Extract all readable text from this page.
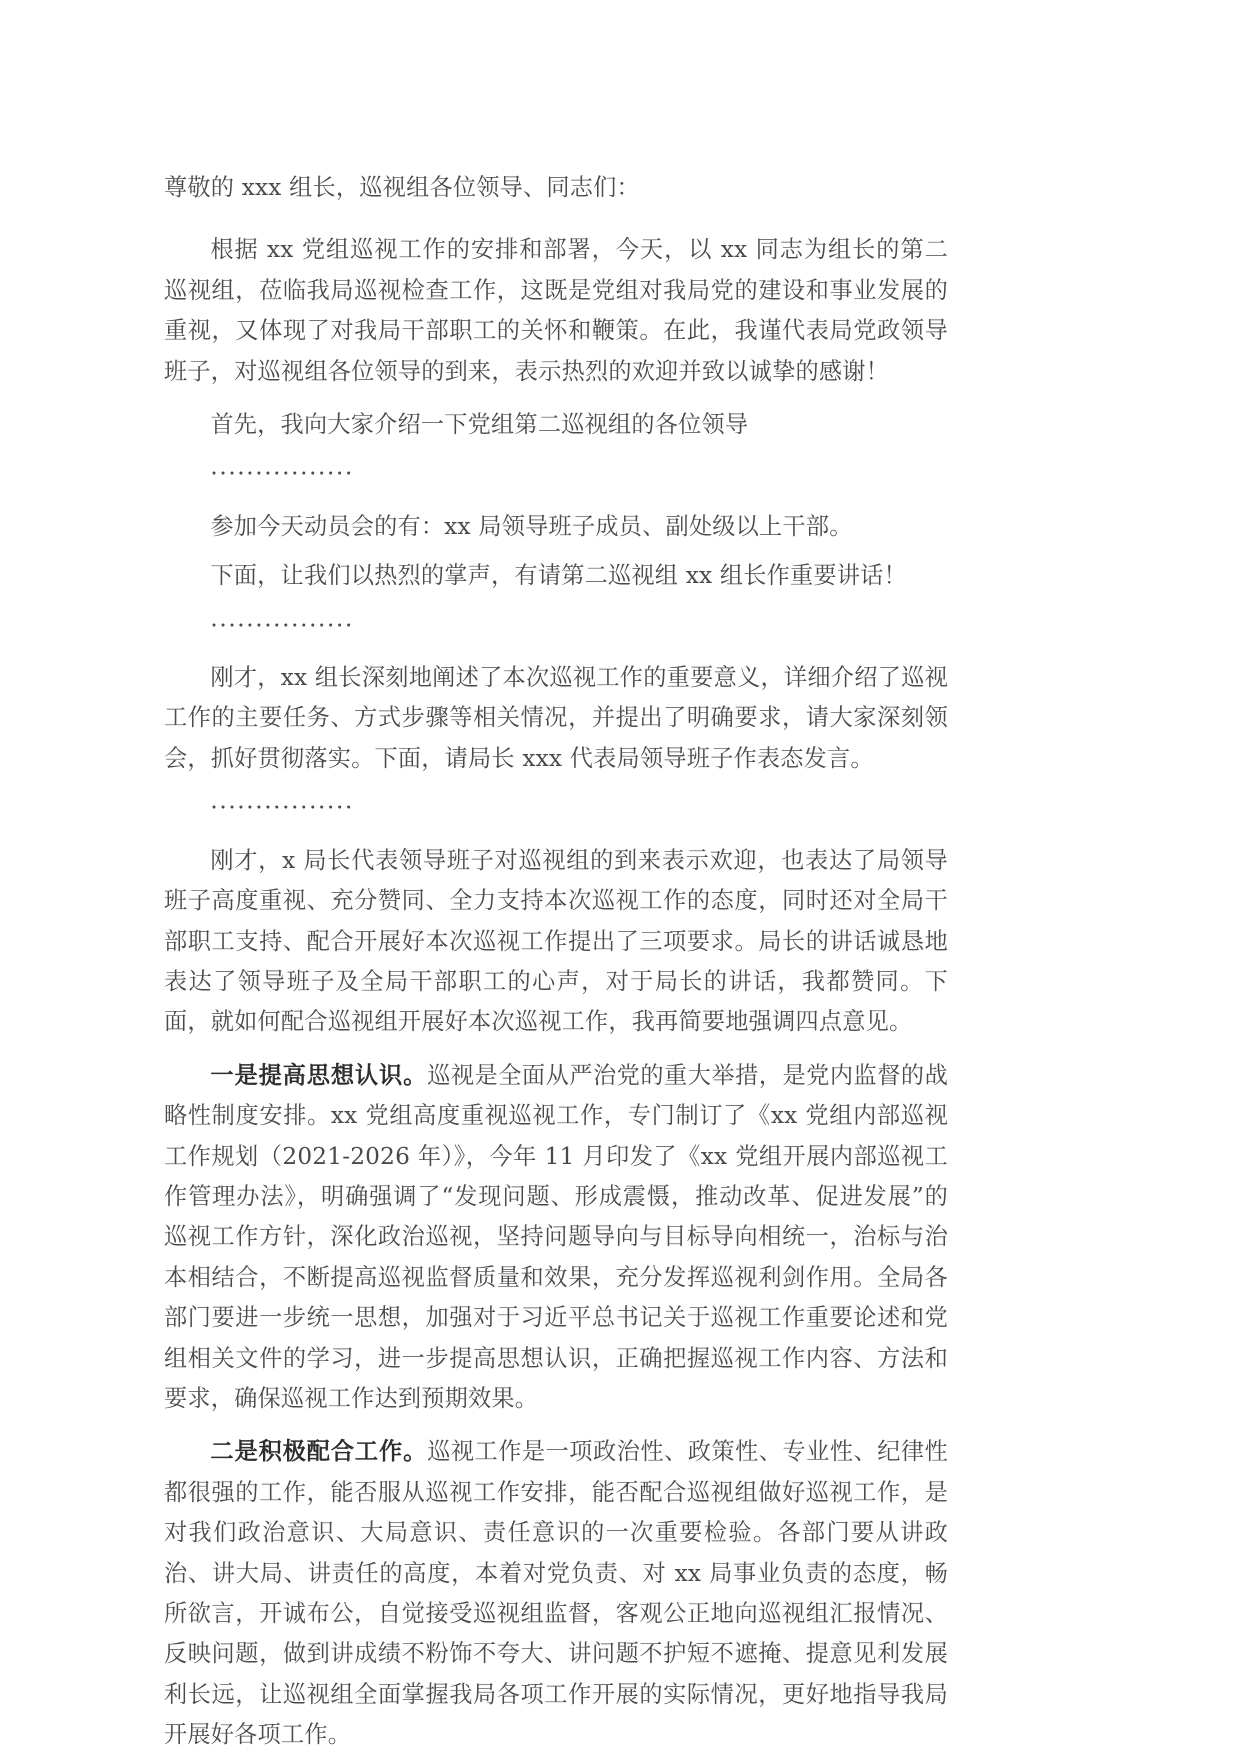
尊敬的 xxx 组长，巡视组各位领导、同志们：

根据 xx 党组巡视工作的安排和部署，今天，以 xx 同志为组长的第二巡视组，莅临我局巡视检查工作，这既是党组对我局党的建设和事业发展的重视，又体现了对我局干部职工的关怀和鞭策。在此，我谨代表局党政领导班子，对巡视组各位领导的到来，表示热烈的欢迎并致以诚挚的感谢！

首先，我向大家介绍一下党组第二巡视组的各位领导

················

参加今天动员会的有：xx 局领导班子成员、副处级以上干部。

下面，让我们以热烈的掌声，有请第二巡视组 xx 组长作重要讲话！

················

刚才，xx 组长深刻地阐述了本次巡视工作的重要意义，详细介绍了巡视工作的主要任务、方式步骤等相关情况，并提出了明确要求，请大家深刻领会，抓好贯彻落实。下面，请局长 xxx 代表局领导班子作表态发言。

················

刚才，x 局长代表领导班子对巡视组的到来表示欢迎，也表达了局领导班子高度重视、充分赞同、全力支持本次巡视工作的态度，同时还对全局干部职工支持、配合开展好本次巡视工作提出了三项要求。局长的讲话诚恳地表达了领导班子及全局干部职工的心声，对于局长的讲话，我都赞同。下面，就如何配合巡视组开展好本次巡视工作，我再简要地强调四点意见。

一是提高思想认识。巡视是全面从严治党的重大举措，是党内监督的战略性制度安排。xx 党组高度重视巡视工作，专门制订了《xx 党组内部巡视工作规划（2021-2026 年）》，今年 11 月印发了《xx 党组开展内部巡视工作管理办法》，明确强调了“发现问题、形成震慑，推动改革、促进发展”的巡视工作方针，深化政治巡视，坚持问题导向与目标导向相统一，治标与治本相结合，不断提高巡视监督质量和效果，充分发挥巡视利剑作用。全局各部门要进一步统一思想，加强对于习近平总书记关于巡视工作重要论述和党组相关文件的学习，进一步提高思想认识，正确把握巡视工作内容、方法和要求，确保巡视工作达到预期效果。

二是积极配合工作。巡视工作是一项政治性、政策性、专业性、纪律性都很强的工作，能否服从巡视工作安排，能否配合巡视组做好巡视工作，是对我们政治意识、大局意识、责任意识的一次重要检验。各部门要从讲政治、讲大局、讲责任的高度，本着对党负责、对 xx 局事业负责的态度，畅所欲言，开诚布公，自觉接受巡视组监督，客观公正地向巡视组汇报情况、反映问题，做到讲成绩不粉饰不夸大、讲问题不护短不遮掩、提意见利发展利长远，让巡视组全面掌握我局各项工作开展的实际情况，更好地指导我局开展好各项工作。
